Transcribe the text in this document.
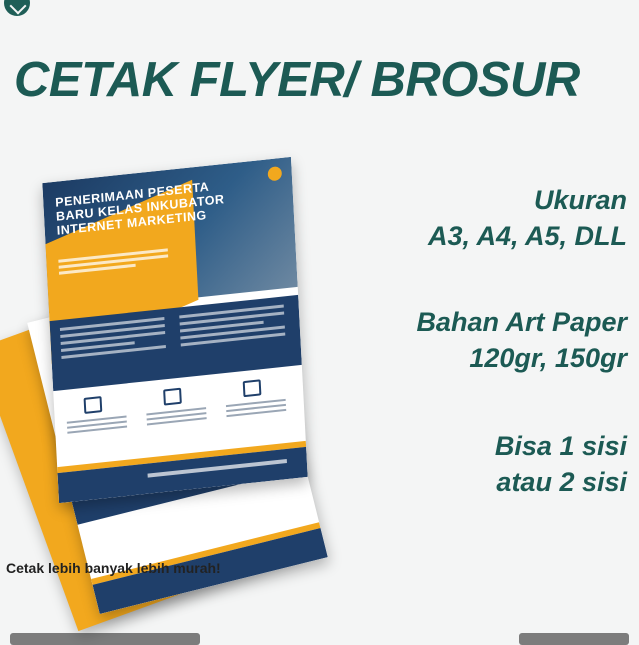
CETAK FLYER/ BROSUR
PENERIMAAN PESERTA BARU KELAS INKUBATOR INTERNET MARKETING
Ukuran
A3, A4, A5, DLL
Bahan Art Paper
120gr, 150gr
Bisa 1 sisi
atau 2 sisi
Cetak lebih banyak lebih murah!
